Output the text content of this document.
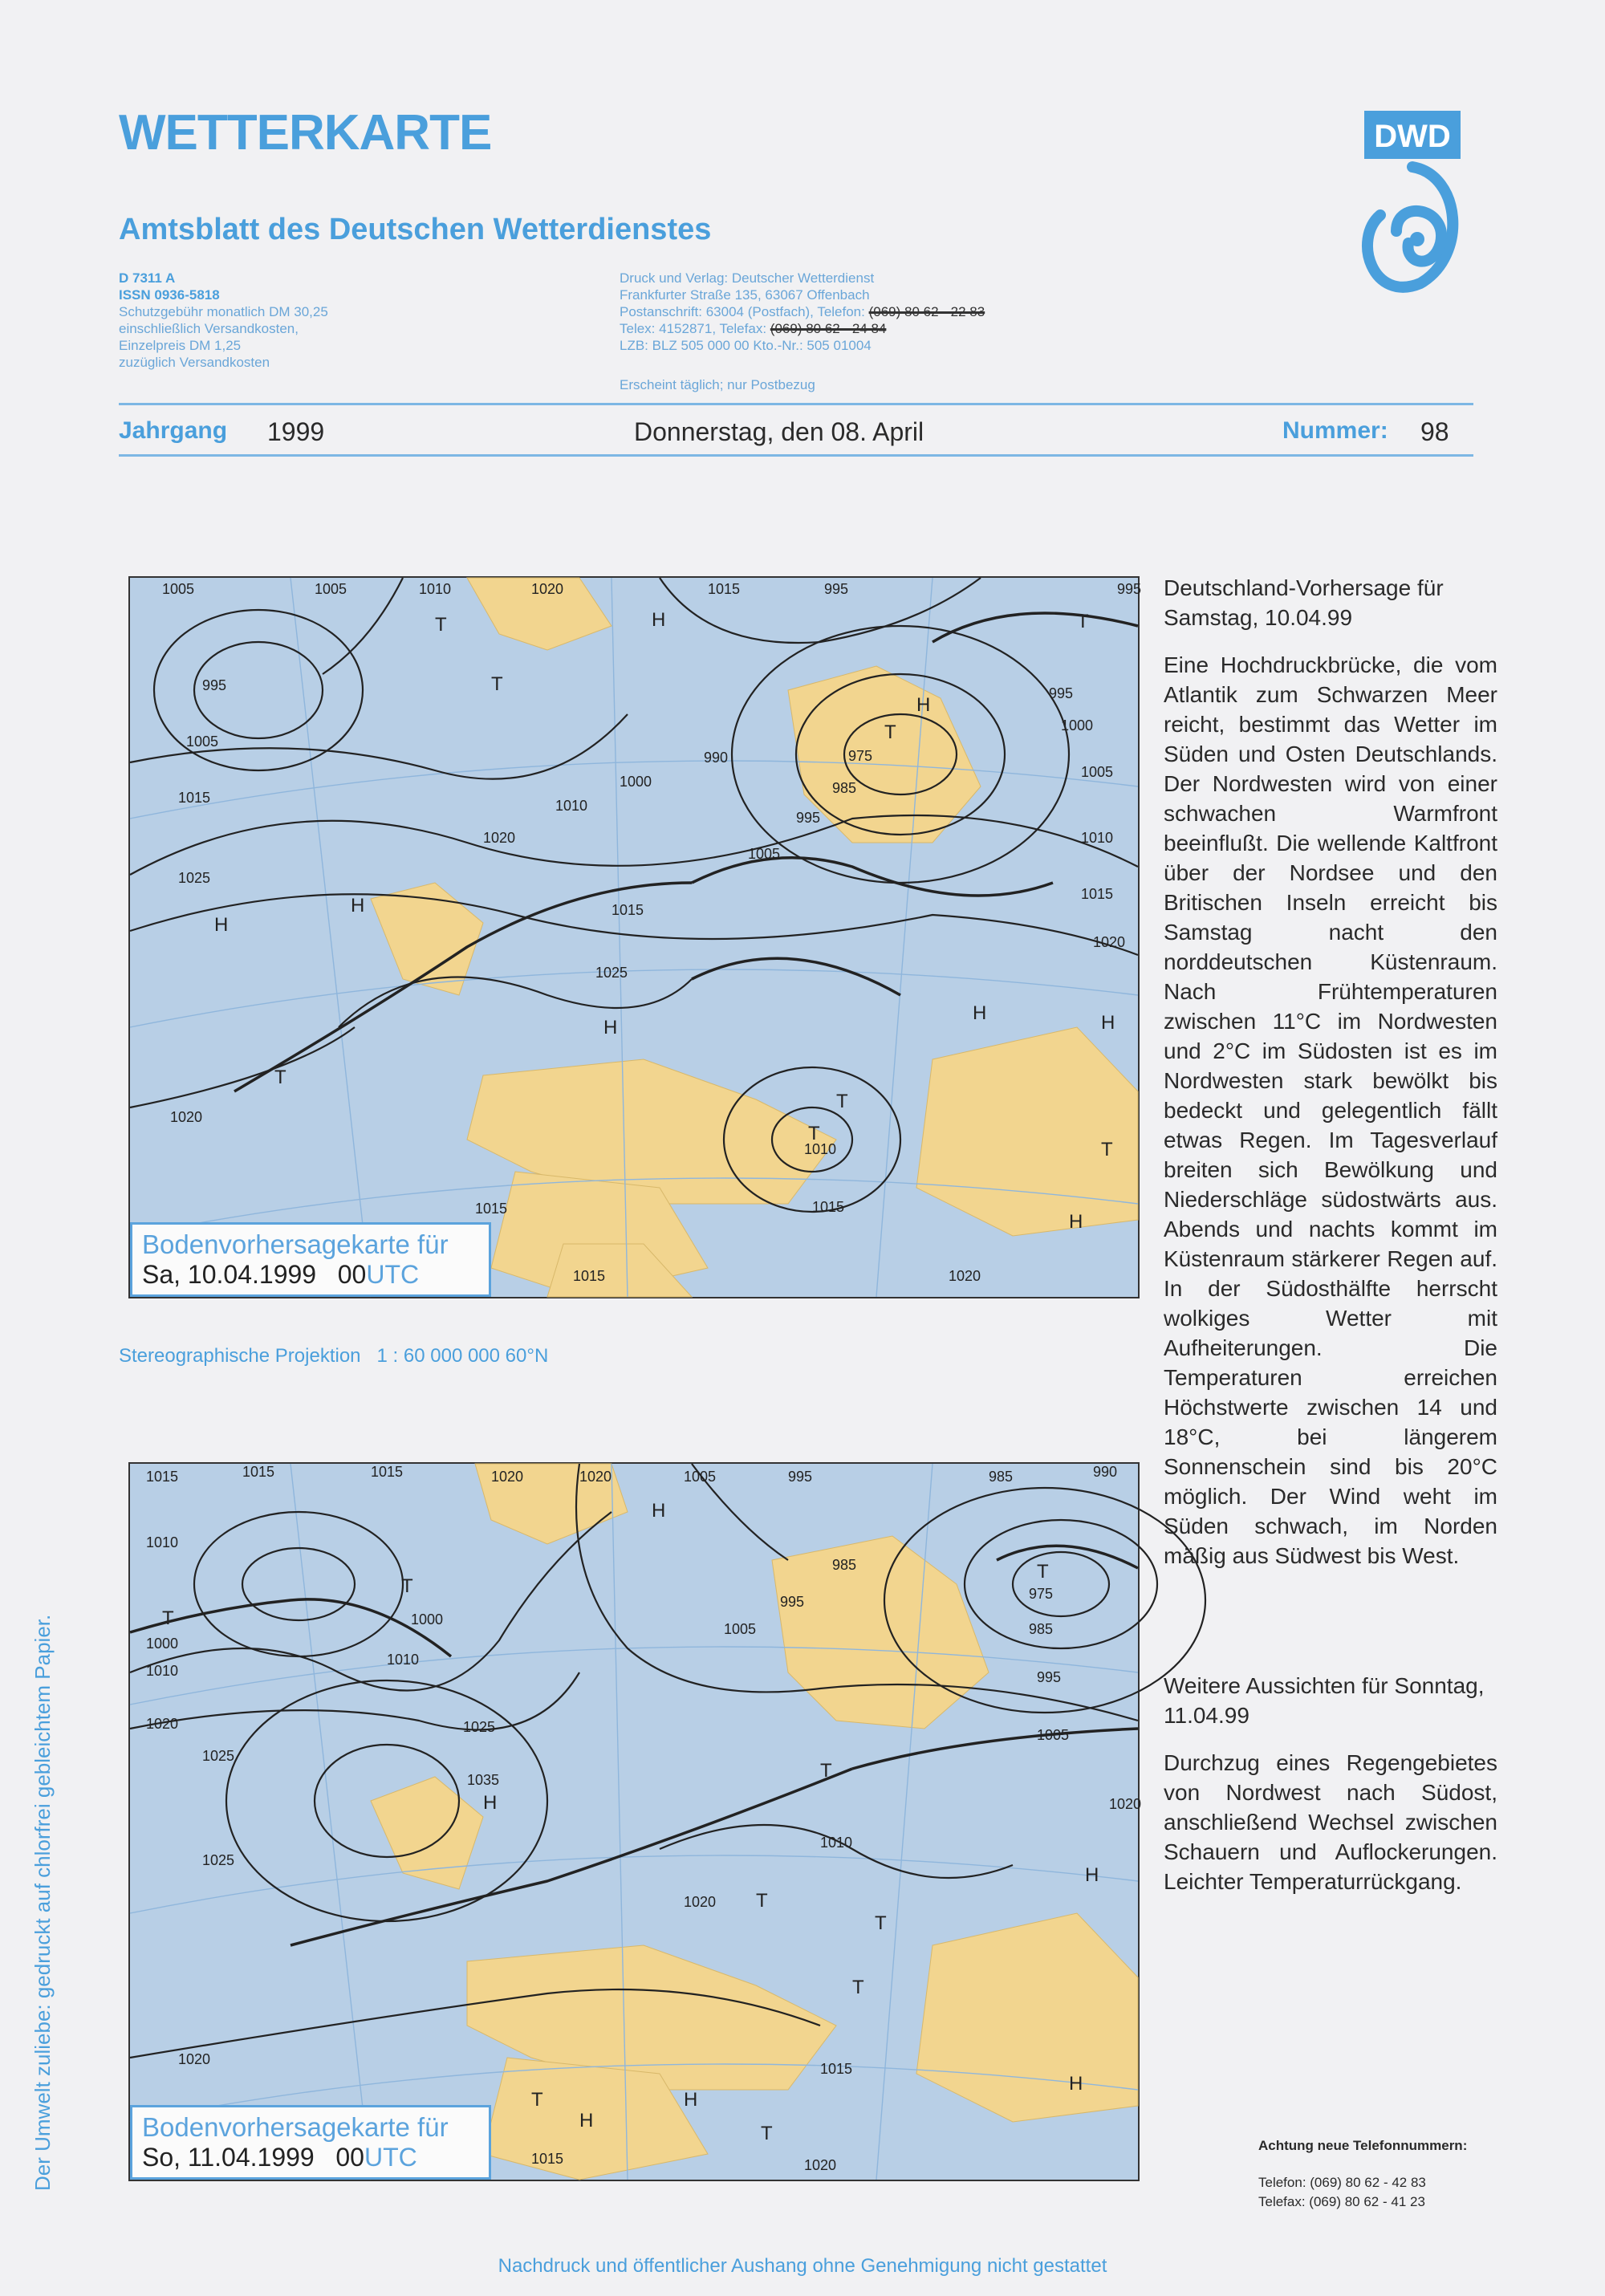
WETTERKARTE
Amtsblatt des Deutschen Wetterdienstes
DWD
D 7311 A
ISSN 0936-5818
Schutzgebühr monatlich DM 30,25
einschließlich Versandkosten,
Einzelpreis DM 1,25
zuzüglich Versandkosten
Druck und Verlag: Deutscher Wetterdienst
Frankfurter Straße 135, 63067 Offenbach
Postanschrift: 63004 (Postfach), Telefon: (069) 80 62 - 22 83
Telex: 4152871, Telefax: (069) 80 62 - 24 84
LZB: BLZ 505 000 00 Kto.-Nr.: 505 01004
Erscheint täglich; nur Postbezug
Jahrgang 1999	Donnerstag, den 08. April	Nummer: 98
1005	1005	1010	1020	1015	995	995
995
1000
1005
1010
1015
1020
995
1005
1015
1025
1010
1020
990
1000
975
985
995
1005
1015
1025
1020
1010
1015
1015
1020
1015
T
T
H
T
H
H
H
T
T
H	H
H
T
T
T
H
Bodenvorhersagekarte für
Sa, 10.04.1999 00UTC
Stereographische Projektion 1 : 60 000 000 60°N
1015	1015	1015	1020	1020	1005	995	985	990
1010
1000
1010
1020
1025
1025
1000
1010
1005
985
995	975
985
995
1005
1020
1035
1025
1010
1020
1015
1020
1015	1020
T
T
H
T
T
H
T
H
T
T
H
H
T
T
H
Bodenvorhersagekarte für
So, 11.04.1999 00UTC

Deutschland-Vorhersage für Samstag, 10.04.99

Eine Hochdruckbrücke, die vom Atlantik zum Schwarzen Meer reicht, bestimmt das Wetter im Süden und Osten Deutschlands. Der Nordwesten wird von einer schwachen Warmfront beeinflußt. Die wellende Kaltfront über der Nordsee und den Britischen Inseln erreicht bis Samstag nacht den norddeutschen Küstenraum. Nach Frühtemperaturen zwischen 11°C im Nordwesten und 2°C im Südosten ist es im Nordwesten stark bewölkt bis bedeckt und gelegentlich fällt etwas Regen. Im Tagesverlauf breiten sich Bewölkung und Niederschläge südostwärts aus. Abends und nachts kommt im Küstenraum stärkerer Regen auf. In der Südosthälfte herrscht wolkiges Wetter mit Aufheiterungen. Die Temperaturen erreichen Höchstwerte zwischen 14 und 18°C, bei längerem Sonnenschein sind bis 20°C möglich. Der Wind weht im Süden schwach, im Norden mäßig aus Südwest bis West.

Weitere Aussichten für Sonntag, 11.04.99

Durchzug eines Regengebietes von Nordwest nach Südost, anschließend Wechsel zwischen Schauern und Auflockerungen. Leichter Temperaturrückgang.

Der Umwelt zuliebe: gedruckt auf chlorfrei gebleichtem Papier.	Achtung neue Telefonnummern:
Telefon: (069) 80 62 - 42 83
Telefax: (069) 80 62 - 41 23
Nachdruck und öffentlicher Aushang ohne Genehmigung nicht gestattet
